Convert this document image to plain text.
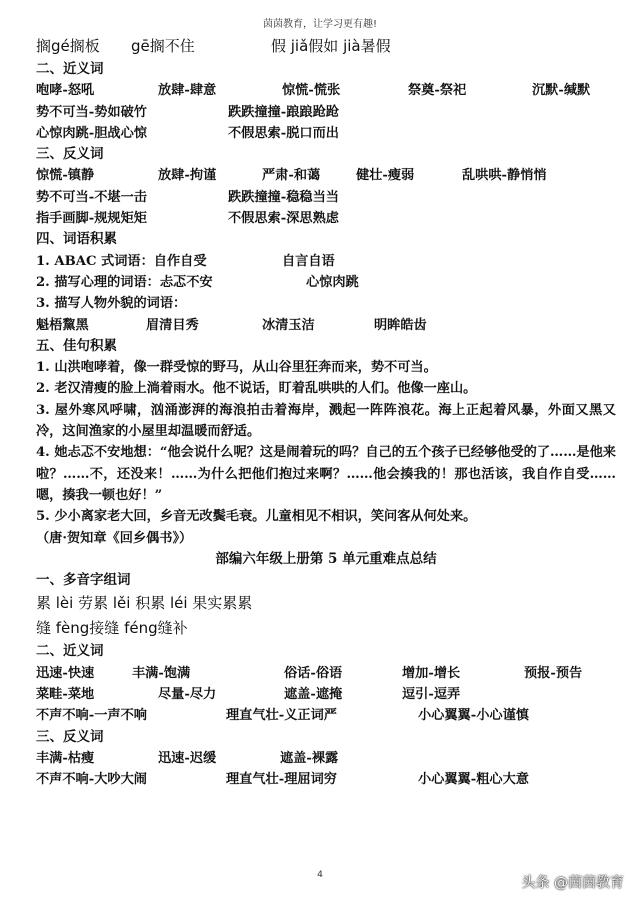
茵茵教育，让学习更有趣!
搁gé搁板	gē搁不住	假 jiǎ假如 jià暑假
二、近义词
咆哮-怒吼	放肆-肆意	惊慌-慌张	祭奠-祭祀	沉默-缄默
势不可当-势如破竹	跌跌撞撞-踉踉跄跄
心惊肉跳-胆战心惊	不假思索-脱口而出
三、反义词
惊慌-镇静	放肆-拘谨	严肃-和蔼	健壮-瘦弱	乱哄哄-静悄悄
势不可当-不堪一击	跌跌撞撞-稳稳当当
指手画脚-规规矩矩	不假思索-深思熟虑
四、词语积累
1. ABAC 式词语：自作自受	自言自语
2. 描写心理的词语：忐忑不安	心惊肉跳
3. 描写人物外貌的词语：
魁梧黧黑	眉清目秀	冰清玉洁	明眸皓齿
五、佳句积累
1. 山洪咆哮着，像一群受惊的野马，从山谷里狂奔而来，势不可当。
2. 老汉清瘦的脸上淌着雨水。他不说话，盯着乱哄哄的人们。他像一座山。
3. 屋外寒风呼啸，汹涌澎湃的海浪拍击着海岸，溅起一阵阵浪花。海上正起着风暴，外面又黑又冷，这间渔家的小屋里却温暖而舒适。
4. 她忐忑不安地想：“他会说什么呢？这是闹着玩的吗？自己的五个孩子已经够他受的了……是他来啦？……不，还没来！……为什么把他们抱过来啊？……他会揍我的！那也活该，我自作自受……嗯，揍我一顿也好！”
5. 少小离家老大回，乡音无改鬓毛衰。儿童相见不相识，笑问客从何处来。
（唐·贺知章《回乡偶书》）
部编六年级上册第 5 单元重难点总结
一、多音字组词
累 lèi 劳累 lěi 积累 léi 果实累累
缝 fèng接缝 féng缝补
二、近义词
迅速-快速	丰满-饱满	俗话-俗语	增加-增长	预报-预告
菜畦-菜地	尽量-尽力	遮盖-遮掩	逗引-逗弄
不声不响-一声不响	理直气壮-义正词严	小心翼翼-小心谨慎
三、反义词
丰满-枯瘦	迅速-迟缓	遮盖-裸露
不声不响-大吵大闹	理直气壮-理屈词穷	小心翼翼-粗心大意
4	头条 @茵茵教育
